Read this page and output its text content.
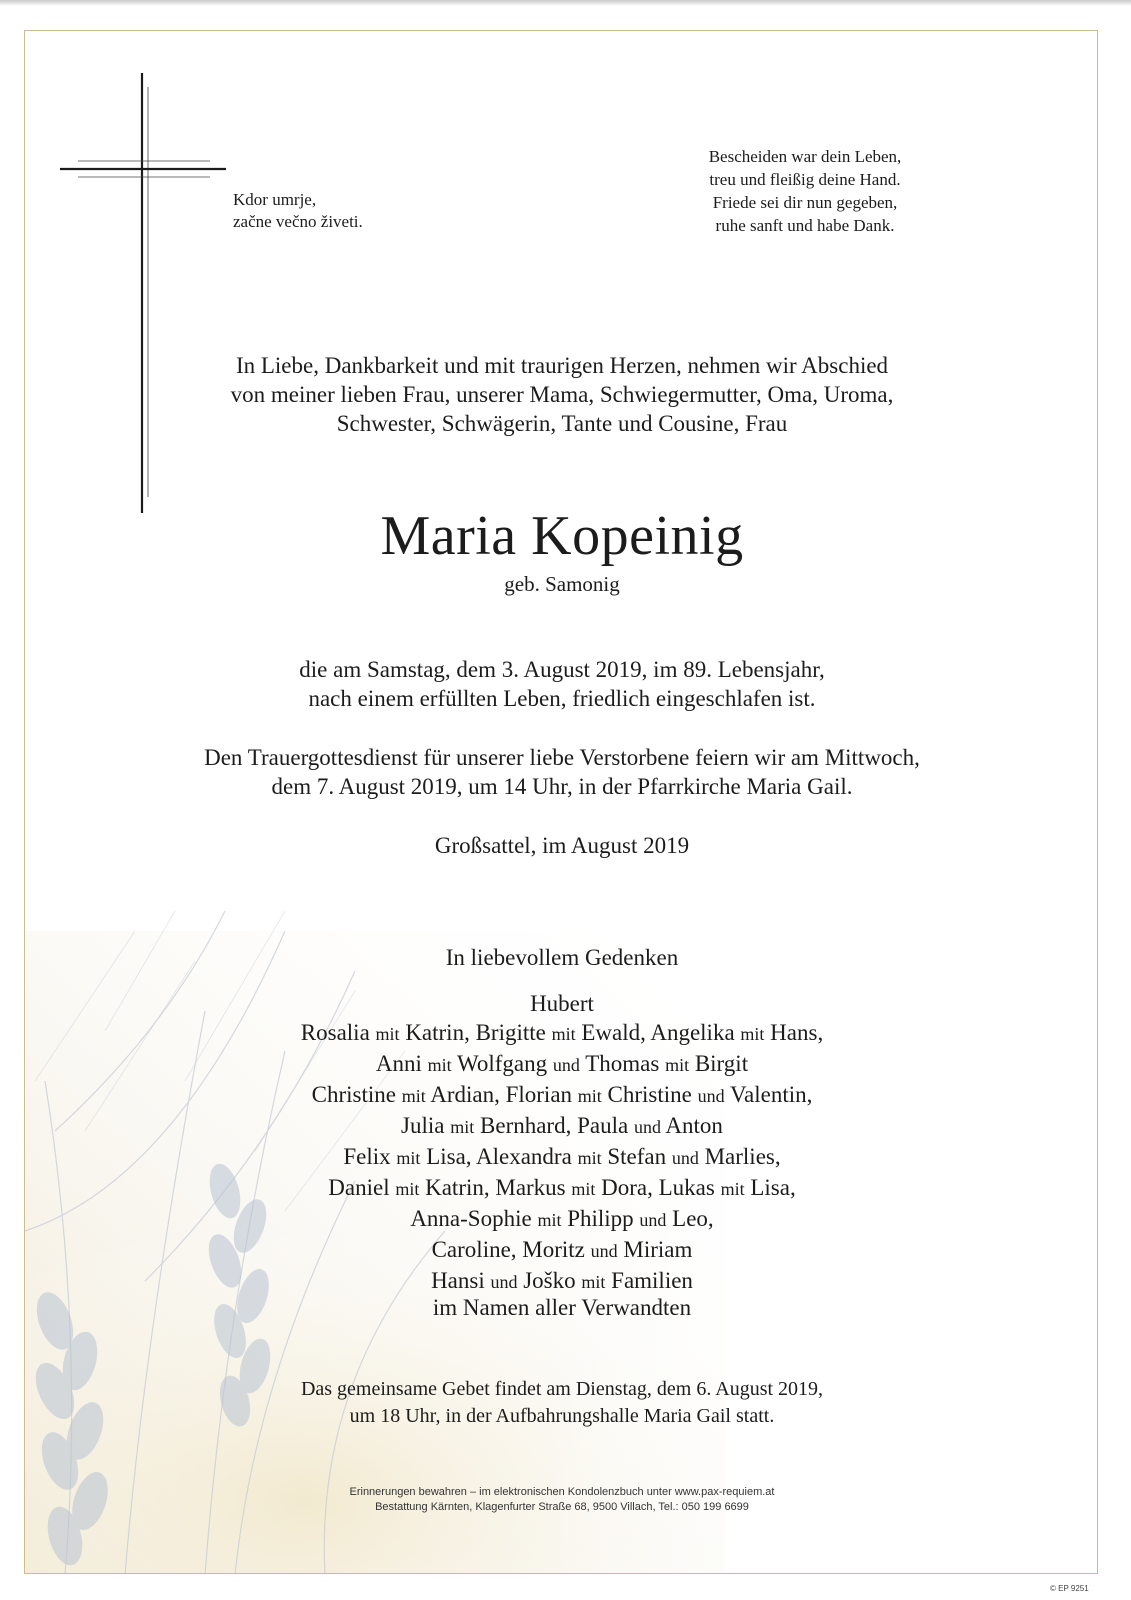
Kdor umrje,
začne večno živeti.
Bescheiden war dein Leben,
treu und fleißig deine Hand.
Friede sei dir nun gegeben,
ruhe sanft und habe Dank.
In Liebe, Dankbarkeit und mit traurigen Herzen, nehmen wir Abschied
von meiner lieben Frau, unserer Mama, Schwiegermutter, Oma, Uroma,
Schwester, Schwägerin, Tante und Cousine, Frau
Maria Kopeinig
geb. Samonig
die am Samstag, dem 3. August 2019, im 89. Lebensjahr,
nach einem erfüllten Leben, friedlich eingeschlafen ist.
Den Trauergottesdienst für unserer liebe Verstorbene feiern wir am Mittwoch,
dem 7. August 2019, um 14 Uhr, in der Pfarrkirche Maria Gail.
Großsattel, im August 2019
In liebevollem Gedenken
Hubert
Rosalia mit Katrin, Brigitte mit Ewald, Angelika mit Hans,
Anni mit Wolfgang und Thomas mit Birgit
Christine mit Ardian, Florian mit Christine und Valentin,
Julia mit Bernhard, Paula und Anton
Felix mit Lisa, Alexandra mit Stefan und Marlies,
Daniel mit Katrin, Markus mit Dora, Lukas mit Lisa,
Anna-Sophie mit Philipp und Leo,
Caroline, Moritz und Miriam
Hansi und Joško mit Familien
im Namen aller Verwandten
Das gemeinsame Gebet findet am Dienstag, dem 6. August 2019,
um 18 Uhr, in der Aufbahrungshalle Maria Gail statt.
Erinnerungen bewahren – im elektronischen Kondolenzbuch unter www.pax-requiem.at
Bestattung Kärnten, Klagenfurter Straße 68, 9500 Villach, Tel.: 050 199 6699
© EP 9251
